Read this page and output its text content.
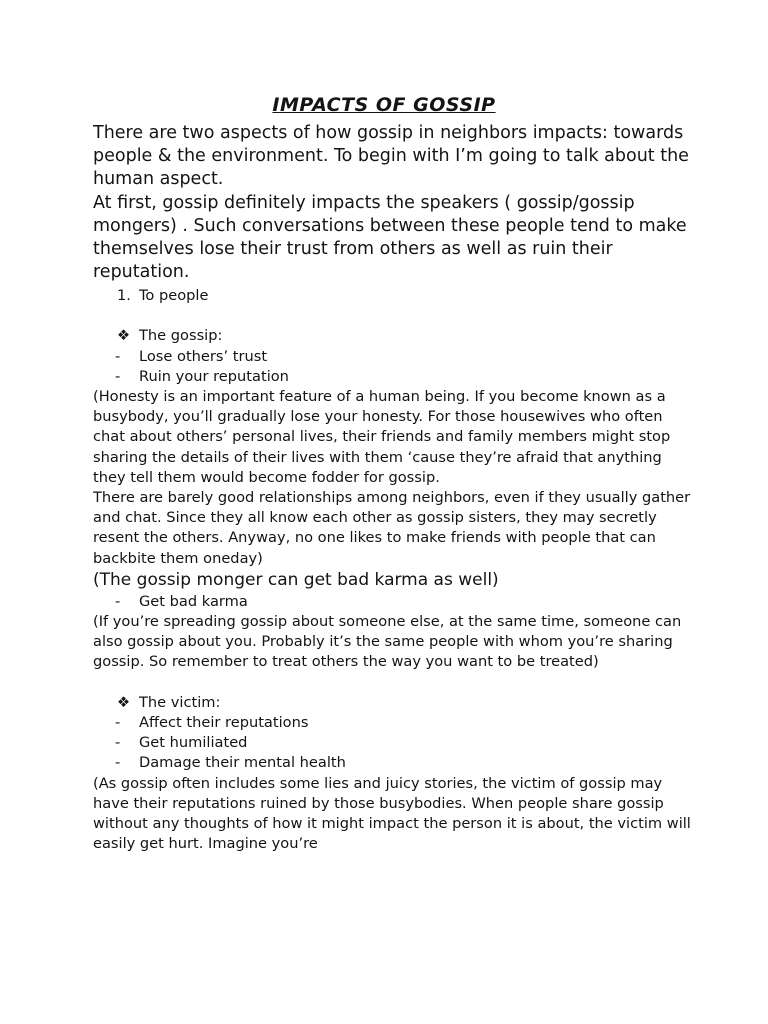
IMPACTS OF GOSSIP

There are two aspects of how gossip in neighbors impacts: towards people & the environment. To begin with I’m going to talk about the human aspect.

At first, gossip definitely impacts the speakers ( gossip/gossip mongers) . Such conversations between these people tend to make themselves lose their trust from others as well as ruin their reputation.

1. To people
❖ The gossip:
- Lose others’ trust
- Ruin your reputation

(Honesty is an important feature of a human being. If you become known as a busybody, you’ll gradually lose your honesty. For those housewives who often chat about others’ personal lives, their friends and family members might stop sharing the details of their lives with them ‘cause they’re afraid that anything they tell them would become fodder for gossip.

There are barely good relationships among neighbors, even if they usually gather and chat. Since they all know each other as gossip sisters, they may secretly resent the others. Anyway, no one likes to make friends with people that can backbite them oneday)

(The gossip monger can get bad karma as well)

- Get bad karma

(If you’re spreading gossip about someone else, at the same time, someone can also gossip about you. Probably it’s the same people with whom you’re sharing gossip. So remember to treat others the way you want to be treated)

❖ The victim:
- Affect their reputations
- Get humiliated
- Damage their mental health

(As gossip often includes some lies and juicy stories, the victim of gossip may have their reputations ruined by those busybodies. When people share gossip without any thoughts of how it might impact the person it is about, the victim will easily get hurt. Imagine you’re
